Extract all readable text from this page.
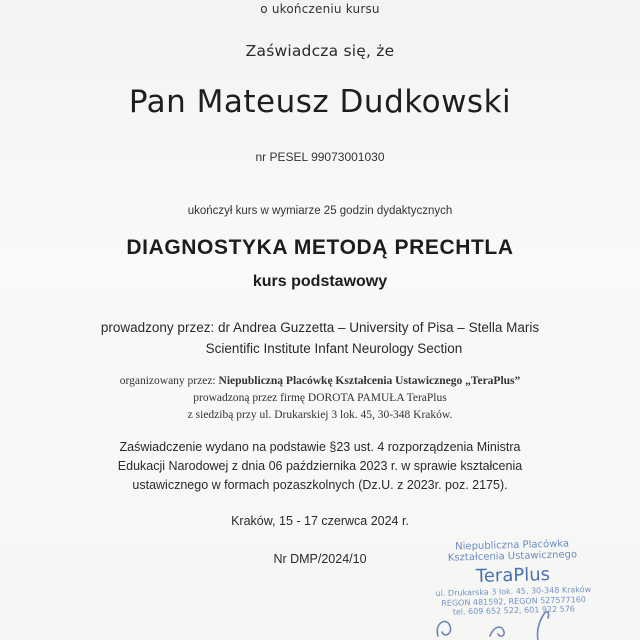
o ukończeniu kursu
Zaświadcza się, że
Pan Mateusz Dudkowski
nr PESEL 99073001030
ukończył kurs w wymiarze 25 godzin dydaktycznych
DIAGNOSTYKA METODĄ PRECHTLA
kurs podstawowy
prowadzony przez: dr Andrea Guzzetta – University of Pisa – Stella Maris
Scientific Institute Infant Neurology Section
organizowany przez: Niepubliczną Placówkę Kształcenia Ustawicznego „TeraPlus”
prowadzoną przez firmę DOROTA PAMUŁA TeraPlus
z siedzibą przy ul. Drukarskiej 3 lok. 45, 30-348 Kraków.
Zaświadczenie wydano na podstawie §23 ust. 4 rozporządzenia Ministra
Edukacji Narodowej z dnia 06 października 2023 r. w sprawie kształcenia
ustawicznego w formach pozaszkolnych (Dz.U. z 2023r. poz. 2175).
Kraków, 15 - 17 czerwca 2024 r.
Nr DMP/2024/10
Niepubliczna Placówka
Kształcenia Ustawicznego
TeraPlus
ul. Drukarska 3 lok. 45, 30-348 Kraków
REGON 481592, REGON 527577160
tel. 609 652 522, 601 922 576
